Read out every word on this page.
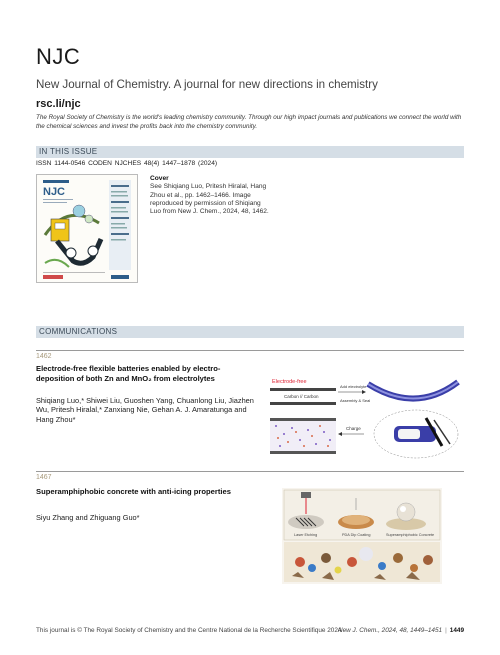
NJC
New Journal of Chemistry. A journal for new directions in chemistry
rsc.li/njc
The Royal Society of Chemistry is the world's leading chemistry community. Through our high impact journals and publications we connect the world with the chemical sciences and invest the profits back into the chemistry community.
IN THIS ISSUE
ISSN 1144-0546 CODEN NJCHES 48(4) 1447–1878 (2024)
NJC
Cover
See Shiqiang Luo, Pritesh Hiralal, Hang Zhou et al., pp. 1462–1466. Image reproduced by permission of Shiqiang Luo from New J. Chem., 2024, 48, 1462.
COMMUNICATIONS
1462
Electrode-free flexible batteries enabled by electro-deposition of both Zn and MnO₂ from electrolytes
Shiqiang Luo,* Shiwei Liu, Guoshen Yang, Chuanlong Liu, Jiazhen Wu, Pritesh Hiralal,* Zanxiang Nie, Gehan A. J. Amaratunga and Hang Zhou*
Electrode-free
Carbon // Carbon
Add electrolyte
Assembly & Seal
Charge
1467
Superamphiphobic concrete with anti-icing properties
Siyu Zhang and Zhiguang Guo*
Laser Etching	PDA Dip Coating	Superamphiphobic Concrete
This journal is © The Royal Society of Chemistry and the Centre National de la Recherche Scientifique 2024
New J. Chem., 2024, 48, 1449–1451 | 1449
